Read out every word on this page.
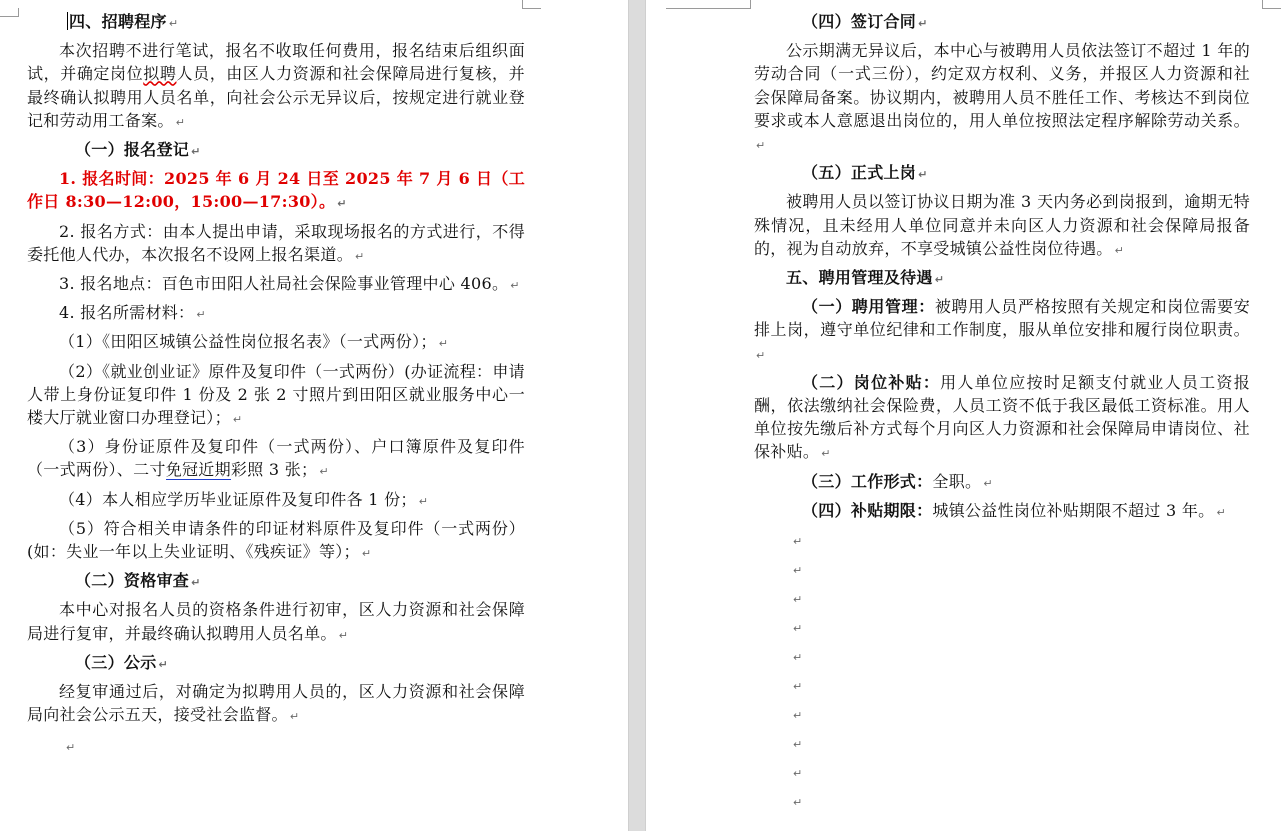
四、招聘程序 ↵

本次招聘不进行笔试，报名不收取任何费用，报名结束后组织面试，并确定岗位拟聘人员，由区人力资源和社会保障局进行复核，并最终确认拟聘用人员名单，向社会公示无异议后，按规定进行就业登记和劳动用工备案。 ↵

（一）报名登记 ↵

1. 报名时间：2025 年 6 月 24 日至 2025 年 7 月 6 日（工作日 8:30—12:00，15:00—17:30）。 ↵

2. 报名方式：由本人提出申请，采取现场报名的方式进行，不得委托他人代办，本次报名不设网上报名渠道。 ↵

3. 报名地点：百色市田阳人社局社会保险事业管理中心 406。 ↵

4. 报名所需材料： ↵

（1）《田阳区城镇公益性岗位报名表》（一式两份）； ↵

（2）《就业创业证》原件及复印件（一式两份）(办证流程：申请人带上身份证复印件 1 份及 2 张 2 寸照片到田阳区就业服务中心一楼大厅就业窗口办理登记）； ↵

（3）身份证原件及复印件（一式两份）、户口簿原件及复印件（一式两份）、二寸免冠近期彩照 3 张； ↵

（4）本人相应学历毕业证原件及复印件各 1 份； ↵

（5）符合相关申请条件的印证材料原件及复印件（一式两份）(如：失业一年以上失业证明、《残疾证》等）； ↵

（二）资格审查 ↵

本中心对报名人员的资格条件进行初审，区人力资源和社会保障局进行复审，并最终确认拟聘用人员名单。 ↵

（三）公示 ↵

经复审通过后，对确定为拟聘用人员的，区人力资源和社会保障局向社会公示五天，接受社会监督。 ↵

↵

（四）签订合同 ↵

公示期满无异议后，本中心与被聘用人员依法签订不超过 1 年的劳动合同（一式三份），约定双方权利、义务，并报区人力资源和社会保障局备案。协议期内，被聘用人员不胜任工作、考核达不到岗位要求或本人意愿退出岗位的，用人单位按照法定程序解除劳动关系。↵

（五）正式上岗 ↵

被聘用人员以签订协议日期为准 3 天内务必到岗报到，逾期无特殊情况，且未经用人单位同意并未向区人力资源和社会保障局报备的，视为自动放弃，不享受城镇公益性岗位待遇。 ↵

五、聘用管理及待遇 ↵

（一）聘用管理：被聘用人员严格按照有关规定和岗位需要安排上岗，遵守单位纪律和工作制度，服从单位安排和履行岗位职责。↵

（二）岗位补贴：用人单位应按时足额支付就业人员工资报酬，依法缴纳社会保险费，人员工资不低于我区最低工资标准。用人单位按先缴后补方式每个月向区人力资源和社会保障局申请岗位、社保补贴。 ↵

（三）工作形式：全职。 ↵

（四）补贴期限：城镇公益性岗位补贴期限不超过 3 年。 ↵

↵

↵

↵

↵

↵

↵

↵

↵

↵

↵
